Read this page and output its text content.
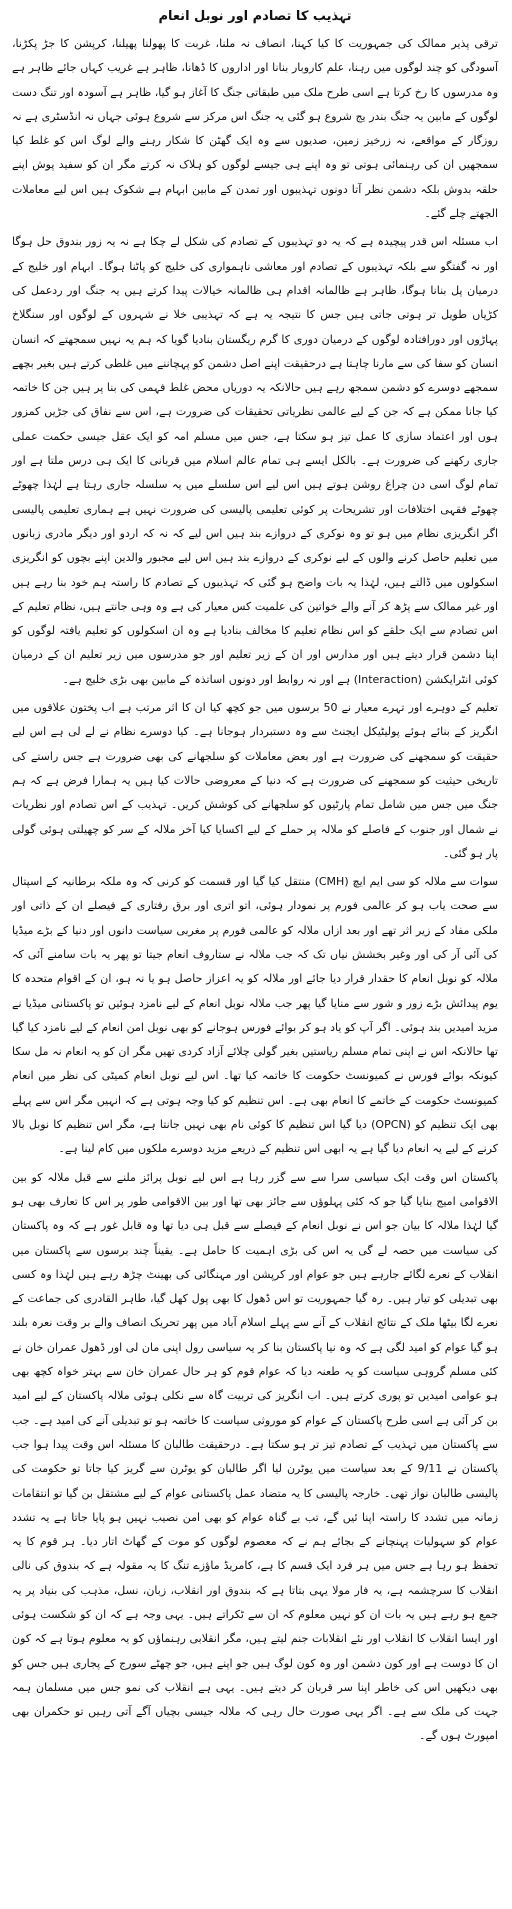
تہذیب کا تصادم اور نوبل انعام

ترقی پذیر ممالک کی جمہوریت کا کیا کہنا، انصاف نہ ملنا، غربت کا پھولنا پھیلنا، کرپشن کا جڑ پکڑنا، آسودگی کو چند لوگوں میں رہنا، علم کاروبار بنانا اور اداروں کا ڈھانا، ظاہر ہے غریب کہاں جائے ظاہر ہے وہ مدرسوں کا رخ کرتا ہے اسی طرح ملک میں طبقاتی جنگ کا آغاز ہو گیا، ظاہر ہے آسودہ اور تنگ دست لوگوں کے مابین یہ جنگ بندر یج شروع ہو گئی یہ جنگ اس مرکز سے شروع ہوئی جہاں نہ انڈسٹری ہے نہ روزگار کے مواقعے، نہ زرخیز زمین، صدیوں سے وہ ایک گھٹن کا شکار رہنے والے لوگ اس کو غلط کیا سمجھیں ان کی رہنمائی ہوتی تو وہ اپنے ہی جیسے لوگوں کو ہلاک نہ کرتے مگر ان کو سفید پوش اپنے حلقہ بدوش بلکہ دشمن نظر آتا دونوں تہذیبوں اور تمدن کے مابین ابہام ہے شکوک ہیں اس لیے معاملات الجھتے چلے گئے۔

اب مسئلہ اس قدر پیچیدہ ہے کہ یہ دو تہذیبوں کے تصادم کی شکل لے چکا ہے نہ یہ زور بندوق حل ہوگا اور نہ گفتگو سے بلکہ تہذیبوں کے تصادم اور معاشی ناہمواری کی خلیج کو پاٹنا ہوگا۔ ابہام اور خلیج کے درمیان پل بنانا ہوگا، ظاہر ہے ظالمانہ اقدام ہی ظالمانہ خیالات پیدا کرتے ہیں یہ جنگ اور ردعمل کی کڑیاں طویل تر ہوتی جاتی ہیں جس کا نتیجہ یہ ہے کہ تہذیبی خلا نے شہروں کے لوگوں اور سنگلاخ پہاڑوں اور دورافتادہ لوگوں کے درمیان دوری کا گرم ریگستان بنادیا گویا کہ ہم یہ نہیں سمجھتے کہ انسان انسان کو سفا کی سے مارنا چاہتا ہے درحقیقت اپنے اصل دشمن کو پہچاننے میں غلطی کرتے ہیں بغیر بچھے سمجھے دوسرے کو دشمن سمجھ رہے ہیں حالانکہ یہ دوریاں محض غلط فہمی کی بنا پر ہیں جن کا خاتمہ کیا جانا ممکن ہے کہ جن کے لیے عالمی نظریاتی تحقیقات کی ضرورت ہے، اس سے نفاق کی جڑیں کمزور ہوں اور اعتماد سازی کا عمل تیز ہو سکتا ہے، جس میں مسلم امہ کو ایک عقل جیسی حکمت عملی جاری رکھنے کی ضرورت ہے۔ بالکل ایسے ہی تمام عالم اسلام میں قربانی کا ایک ہی درس ملتا ہے اور تمام لوگ اسی دن چراغ روشن ہوتے ہیں اس لیے اس سلسلے میں یہ سلسلہ جاری رہتا ہے لہٰذا چھوٹے چھوٹے فقہی اختلافات اور تشریحات پر کوئی تعلیمی پالیسی کی ضرورت نہیں ہے ہماری تعلیمی پالیسی اگر انگریزی نظام میں ہو تو وہ نوکری کے دروازے بند ہیں اس لیے کہ نہ کہ اردو اور دیگر مادری زبانوں میں تعلیم حاصل کرنے والوں کے لیے نوکری کے دروازے بند ہیں اس لیے مجبور والدین اپنے بچوں کو انگریزی اسکولوں میں ڈالتے ہیں، لہٰذا یہ بات واضح ہو گئی کہ تہذیبوں کے تصادم کا راستہ ہم خود بنا رہے ہیں اور غیر ممالک سے پڑھ کر آنے والے خواتین کی علمیت کس معیار کی ہے وہ وہی جانتے ہیں، نظام تعلیم کے اس تصادم سے ایک حلقے کو اس نظام تعلیم کا مخالف بنادیا ہے وہ ان اسکولوں کو تعلیم یافتہ لوگوں کو اپنا دشمن قرار دیتے ہیں اور مدارس اور ان کے زیر تعلیم اور جو مدرسوں میں زیر تعلیم ان کے درمیان کوئی انٹرایکشن (Interaction) ہے اور نہ روابط اور دونوں اساتذہ کے مابین بھی بڑی خلیج ہے۔

تعلیم کے دوہرے اور تہرے معیار نے 50 برسوں میں جو کچھ کیا ان کا اثر مرتب ہے اب پختون علاقوں میں انگریز کے بنائے ہوئے پولیٹیکل ایجنٹ سے وہ دستبردار ہوجانا ہے۔ کیا دوسرے نظام نے لے لی ہے اس لیے حقیقت کو سمجھنے کی ضرورت ہے اور بعض معاملات کو سلجھانے کی بھی ضرورت ہے جس راستے کی تاریخی حیثیت کو سمجھنے کی ضرورت ہے کہ دنیا کے معروضی حالات کیا ہیں یہ ہمارا فرض ہے کہ ہم جنگ میں جس میں شامل تمام پارٹیوں کو سلجھانے کی کوشش کریں۔ تہذیب کے اس تصادم اور نظریات نے شمال اور جنوب کے فاصلے کو ملالہ پر حملے کے لیے اکسایا کیا آخر ملالہ کے سر کو چھیلتی ہوئی گولی پار ہو گئی۔

سوات سے ملالہ کو سی ایم ایچ (CMH) منتقل کیا گیا اور قسمت کو کرنی کہ وہ ملکہ برطانیہ کے اسپتال سے صحت یاب ہو کر عالمی فورم پر نمودار ہوئی، اتو اتری اور برق رفتاری کے فیصلے ان کے ذاتی اور ملکی مفاد کے زیر اثر تھے اور بعد ازاں ملالہ کو عالمی فورم پر مغربی سیاست دانوں اور دنیا کے بڑے میڈیا کی آئی آر کی اور وغیر بخشش نیاں تک کہ جب ملالہ نے ستاروف انعام جیتا تو پھر یہ بات سامنے آئی کہ ملالہ کو نوبل انعام کا حقدار قرار دیا جائے اور ملالہ کو یہ اعزاز حاصل ہو یا نہ ہو، ان کے اقوام متحدہ کا یوم پیدائش بڑے زور و شور سے منایا گیا پھر جب ملالہ نوبل انعام کے لیے نامزد ہوئیں تو پاکستانی میڈیا نے مزید امیدیں بند ہوئی۔ اگر آپ کو یاد ہو کر بوائے فورس ہوجانے کو بھی نوبل امن انعام کے لیے نامزد کیا گیا تھا حالانکہ اس نے اپنی تمام مسلم ریاستیں بغیر گولی چلائے آزاد کردی تھیں مگر ان کو یہ انعام نہ مل سکا کیونکہ بوائے فورس نے کمیونسٹ حکومت کا خاتمہ کیا تھا۔ اس لیے نوبل انعام کمیٹی کی نظر میں انعام کمیونسٹ حکومت کے خاتمے کا انعام بھی ہے۔ اس تنظیم کو کیا وجہ ہوتی ہے کہ انہیں مگر اس سے پہلے بھی ایک تنظیم کو (OPCN) دیا گیا اس تنظیم کا کوئی نام بھی نہیں جانتا ہے، مگر اس تنظیم کا نوبل بالا کرنے کے لیے یہ انعام دیا گیا ہے یہ ابھی اس تنظیم کے ذریعے مزید دوسرے ملکوں میں کام لینا ہے۔

پاکستان اس وقت ایک سیاسی سرا سے سے گزر رہا ہے اس لیے نوبل پرائز ملنے سے قبل ملالہ کو بین الاقوامی امیج بنایا گیا جو کہ کئی پہلوؤں سے جائز بھی تھا اور بین الاقوامی طور پر اس کا تعارف بھی ہو گیا لہٰذا ملالہ کا بیان جو اس نے نوبل انعام کے فیصلے سے قبل ہی دیا تھا وہ قابل غور ہے کہ وہ پاکستان کی سیاست میں حصہ لے گی یہ اس کی بڑی اہمیت کا حامل ہے۔ یقیناً چند برسوں سے پاکستان میں انقلاب کے نعرے لگائے جارہے ہیں جو عوام اور کرپشن اور مہنگائی کی بھینٹ چڑھ رہے ہیں لہٰذا وہ کسی بھی تبدیلی کو تیار ہیں۔ رہ گیا جمہوریت تو اس ڈھول کا بھی پول کھل گیا، طاہر القادری کی جماعت کے نعرے لگا بیٹھا ملک کے نتائج انقلاب کے آنے سے پہلے اسلام آباد میں پھر تحریک انصاف والے بر وقت نعرہ بلند ہو گیا عوام کو امید لگی ہے کہ وہ نیا پاکستان بنا کر یہ سیاسی رول اپنی مان لی اور ڈھول عمران خان نے کئی مسلم گروہی سیاست کو یہ طعنہ دیا کہ عوام قوم کو ہر حال عمران خان سے بہتر خواہ کچھ بھی ہو عوامی امیدیں تو پوری کرتے ہیں۔ اب انگریز کی تربیت گاہ سے نکلی ہوئی ملالہ پاکستان کے لیے امید بن کر آئی ہے اسی طرح پاکستان کے عوام کو موروثی سیاست کا خاتمہ ہو تو تبدیلی آنے کی امید ہے۔ جب سے پاکستان میں تہذیب کے تصادم تیز تر ہو سکتا ہے۔ درحقیقت طالبان کا مسئلہ اس وقت پیدا ہوا جب پاکستان نے 9/11 کے بعد سیاست میں یوٹرن لیا اگر طالبان کو یوٹرن سے گریز کیا جاتا تو حکومت کی پالیسی طالبان نواز تھی۔ خارجہ پالیسی کا یہ متضاد عمل پاکستانی عوام کے لیے مشتقل بن گیا تو انتقامات زمانہ میں تشدد کا راستہ اپنا ئیں گے، تب بے گناہ عوام کو بھی امن نصیب نہیں ہو پایا جاتا ہے یہ تشدد عوام کو سہولیات پہنچانے کے بجائے ہم نے کہ معصوم لوگوں کو موت کے گھاٹ اتار دیا۔ ہر قوم کا یہ تحفظ ہو رہا ہے جس میں ہر فرد ایک قسم کا ہے، کامریڈ ماؤزے تنگ کا یہ مقولہ ہے کہ بندوق کی نالی انقلاب کا سرچشمہ ہے، یہ فار مولا یہی بتاتا ہے کہ بندوق اور انقلاب، زبان، نسل، مذہب کی بنیاد پر یہ جمع ہو رہے ہیں یہ بات ان کو نہیں معلوم کہ ان سے ٹکراتے ہیں۔ یہی وجہ ہے کہ ان کو شکست ہوئی اور ایسا انقلاب کا انقلاب اور نئے انقلابات جنم لیتے ہیں، مگر انقلابی رہنماؤں کو یہ معلوم ہوتا ہے کہ کون ان کا دوست ہے اور کون دشمن اور وہ کون لوگ ہیں جو اپنے ہیں، جو چھٹے سورج کے پجاری ہیں جس کو بھی دیکھیں اس کی خاطر اپنا سر قربان کر دیتے ہیں۔ یہی ہے انقلاب کی نمو جس میں مسلمان ہمہ جہت کی ملک سے ہے۔ اگر یہی صورت حال رہی کہ ملالہ جیسی بچیاں آگے آتی رہیں تو حکمران بھی امپورٹ ہوں گے۔
